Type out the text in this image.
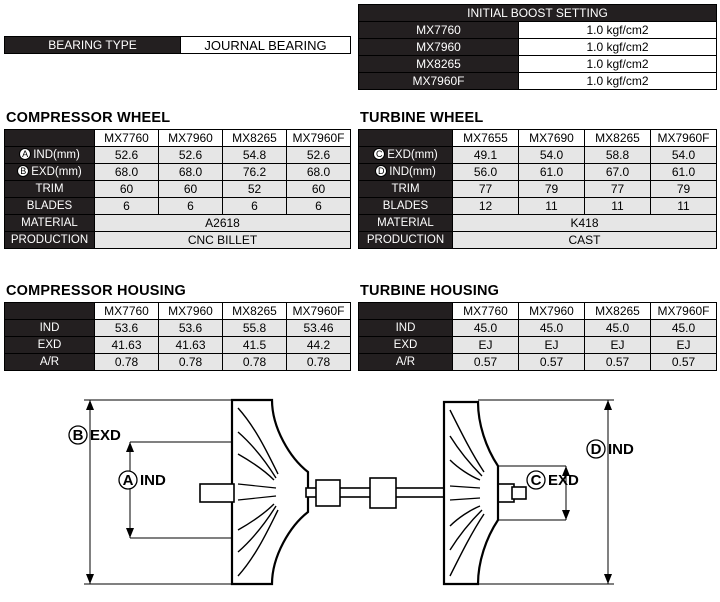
INITIAL BOOST SETTING	
MX7760	1.0 kgf/cm2
MX7960	1.0 kgf/cm2
MX8265	1.0 kgf/cm2
MX7960F	1.0 kgf/cm2
BEARING TYPE	JOURNAL BEARING
COMPRESSOR WHEEL
	MX7760	MX7960	MX8265	MX7960F
A IND(mm)	52.6	52.6	54.8	52.6
B EXD(mm)	68.0	68.0	76.2	68.0
TRIM	60	60	52	60
BLADES	6	6	6	6
MATERIAL	A2618			
PRODUCTION	CNC BILLET			
TURBINE WHEEL
	MX7655	MX7690	MX8265	MX7960F
C EXD(mm)	49.1	54.0	58.8	54.0
D IND(mm)	56.0	61.0	67.0	61.0
TRIM	77	79	77	79
BLADES	12	11	11	11
MATERIAL	K418			
PRODUCTION	CAST			
COMPRESSOR HOUSING
	MX7760	MX7960	MX8265	MX7960F
IND	53.6	53.6	55.8	53.46
EXD	41.63	41.63	41.5	44.2
A/R	0.78	0.78	0.78	0.78
TURBINE HOUSING
	MX7760	MX7960	MX8265	MX7960F
IND	45.0	45.0	45.0	45.0
EXD	EJ	EJ	EJ	EJ
A/R	0.57	0.57	0.57	0.57
B EXD
A IND
D IND
C EXD
